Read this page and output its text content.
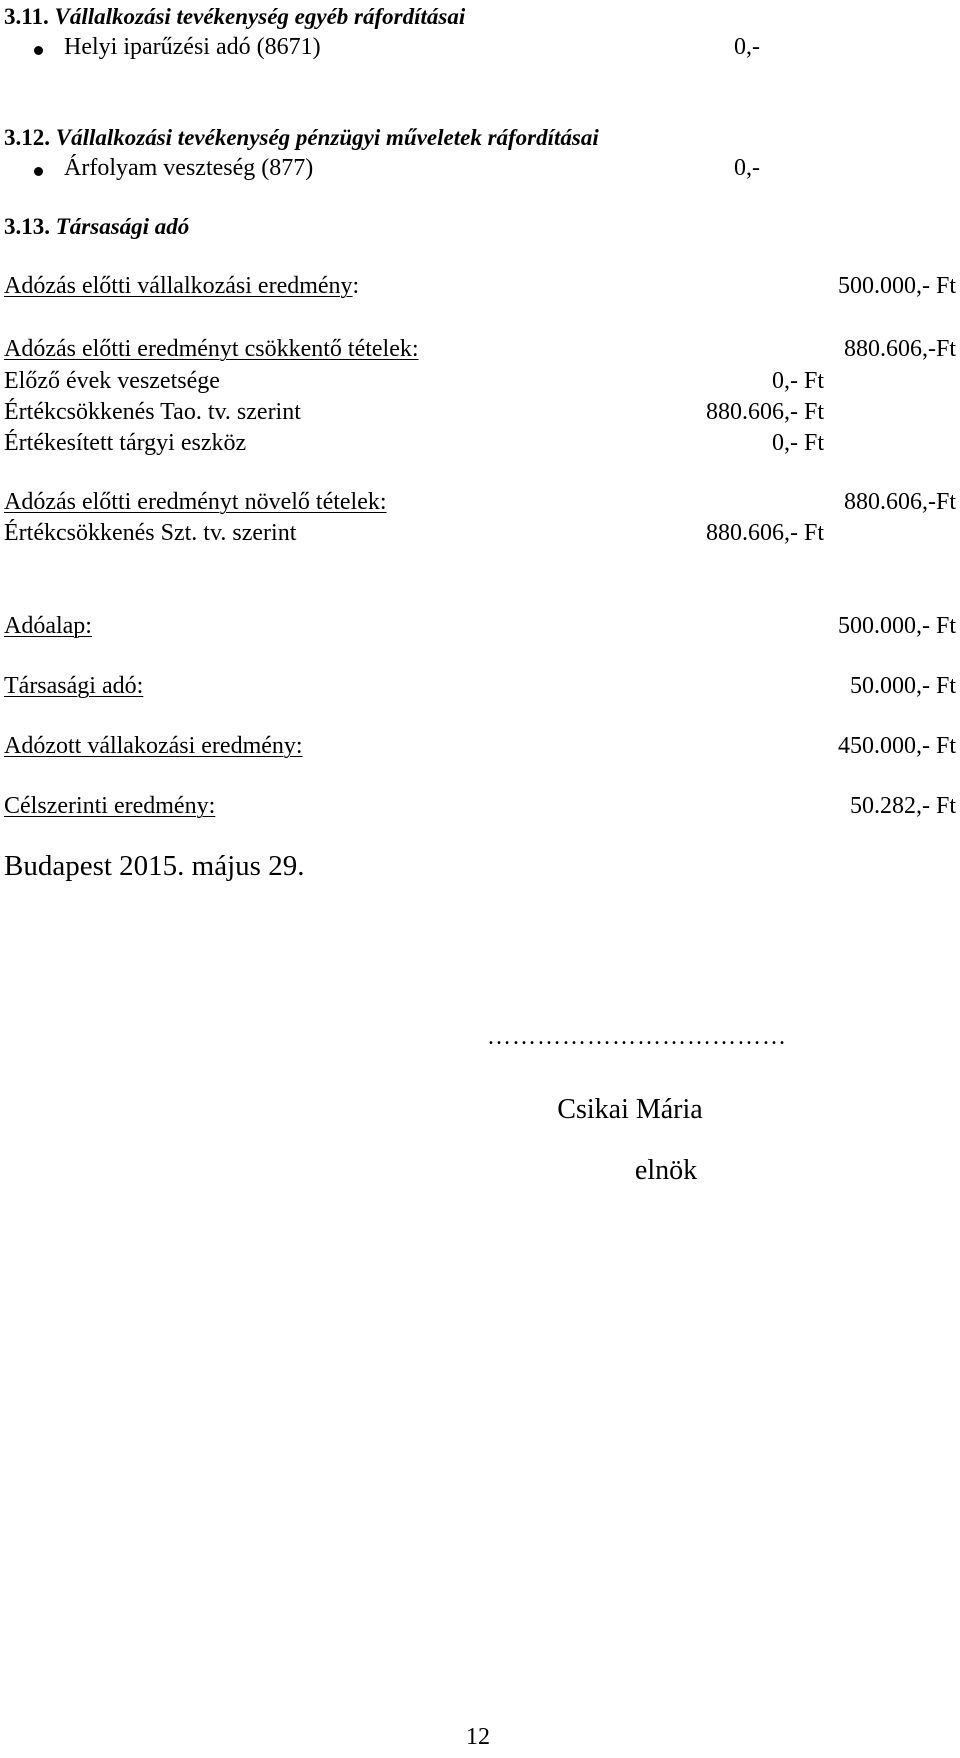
3.11. Vállalkozási tevékenység egyéb ráfordításai
Helyi iparűzési adó (8671)	0,-
3.12. Vállalkozási tevékenység pénzügyi műveletek ráfordításai
Árfolyam veszteség (877)	0,-
3.13. Társasági adó
Adózás előtti vállalkozási eredmény:	500.000,- Ft
Adózás előtti eredményt csökkentő tételek:	880.606,-Ft
Előző évek veszetsége	0,- Ft
Értékcsökkenés Tao. tv. szerint	880.606,- Ft
Értékesített tárgyi eszköz	0,- Ft
Adózás előtti eredményt növelő tételek:	880.606,-Ft
Értékcsökkenés Szt. tv. szerint	880.606,- Ft
Adóalap:	500.000,- Ft
Társasági adó:	50.000,- Ft
Adózott vállakozási eredmény:	450.000,- Ft
Célszerinti eredmény:	50.282,- Ft
Budapest 2015. május 29.
………………………………
Csikai Mária
elnök
12
